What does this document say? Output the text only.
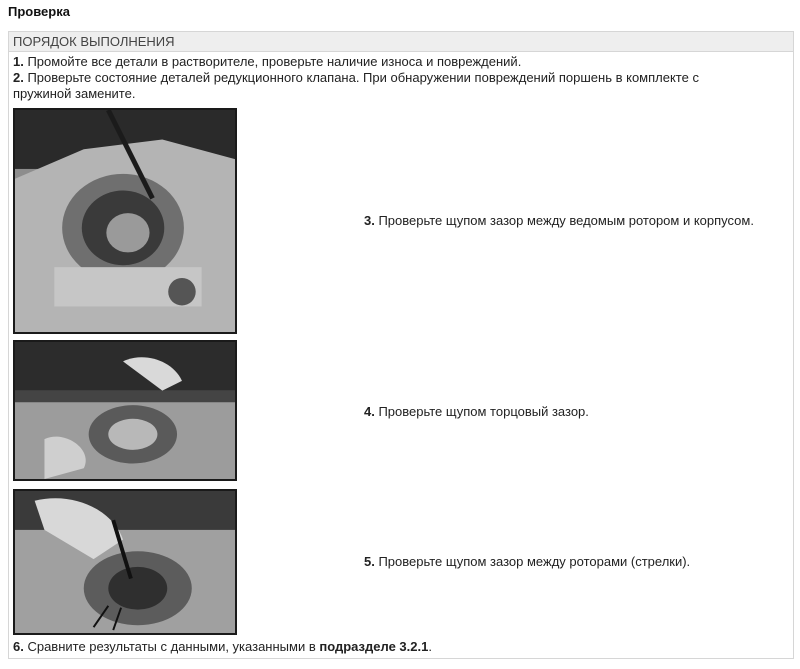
Проверка
ПОРЯДОК ВЫПОЛНЕНИЯ
1. Промойте все детали в растворителе, проверьте наличие износа и повреждений.
2. Проверьте состояние деталей редукционного клапана. При обнаружении повреждений поршень в комплекте с
пружиной замените.
3. Проверьте щупом зазор между ведомым ротором и корпусом.
4. Проверьте щупом торцовый зазор.
5. Проверьте щупом зазор между роторами (стрелки).
6. Сравните результаты с данными, указанными в подразделе 3.2.1.
